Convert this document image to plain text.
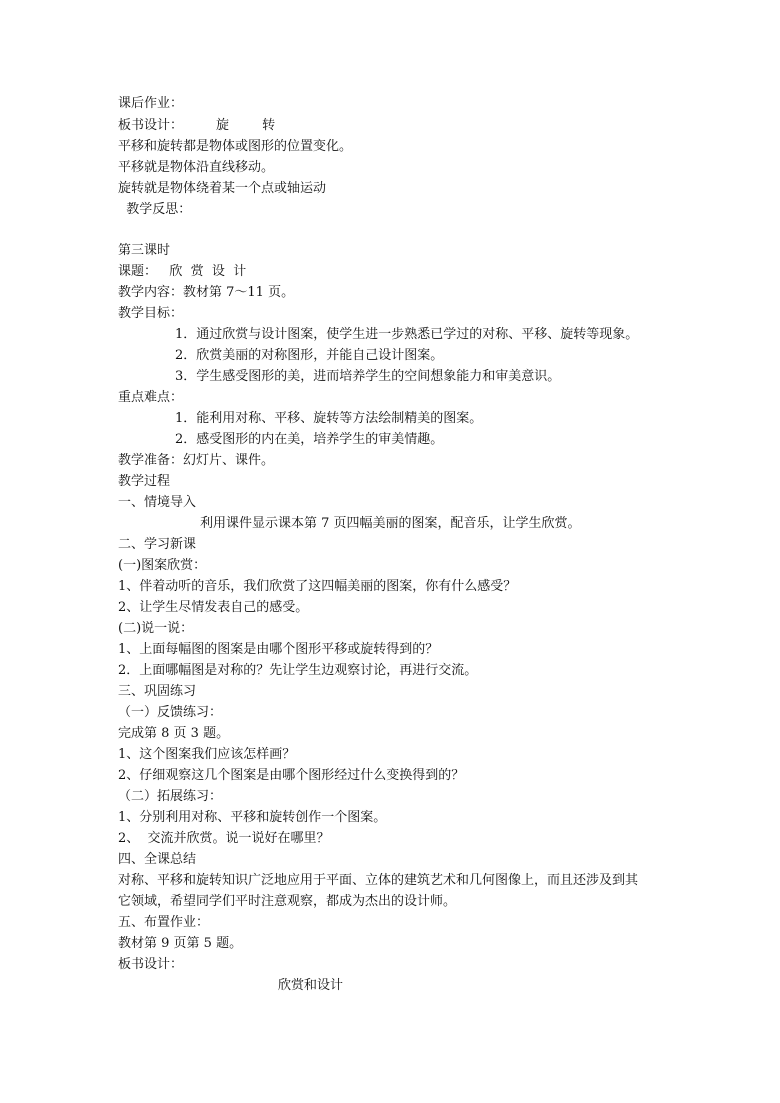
课后作业：
板书设计：        旋        转
平移和旋转都是物体或图形的位置变化。
平移就是物体沿直线移动。
旋转就是物体绕着某一个点或轴运动
教学反思：
第三课时
课题：   欣  赏  设  计
教学内容：教材第 7～11 页。
教学目标：
1．通过欣赏与设计图案，使学生进一步熟悉已学过的对称、平移、旋转等现象。
2．欣赏美丽的对称图形，并能自己设计图案。
3．学生感受图形的美，进而培养学生的空间想象能力和审美意识。
重点难点：
1．能利用对称、平移、旋转等方法绘制精美的图案。
2．感受图形的内在美，培养学生的审美情趣。
教学准备：幻灯片、课件。
教学过程
一、情境导入
利用课件显示课本第 7 页四幅美丽的图案，配音乐，让学生欣赏。
二、学习新课
(一)图案欣赏：
1、伴着动听的音乐，我们欣赏了这四幅美丽的图案，你有什么感受？
2、让学生尽情发表自己的感受。
(二)说一说：
1、上面每幅图的图案是由哪个图形平移或旋转得到的？
2．上面哪幅图是对称的？先让学生边观察讨论，再进行交流。
三、巩固练习
（一）反馈练习：
完成第 8 页 3 题。
1、这个图案我们应该怎样画？
2、仔细观察这几个图案是由哪个图形经过什么变换得到的？
（二）拓展练习：
1、分别利用对称、平移和旋转创作一个图案。
2、  交流并欣赏。说一说好在哪里？
四、全课总结
对称、平移和旋转知识广泛地应用于平面、立体的建筑艺术和几何图像上，而且还涉及到其
它领域，希望同学们平时注意观察，都成为杰出的设计师。
五、布置作业：
教材第 9 页第 5 题。
板书设计：
欣赏和设计
